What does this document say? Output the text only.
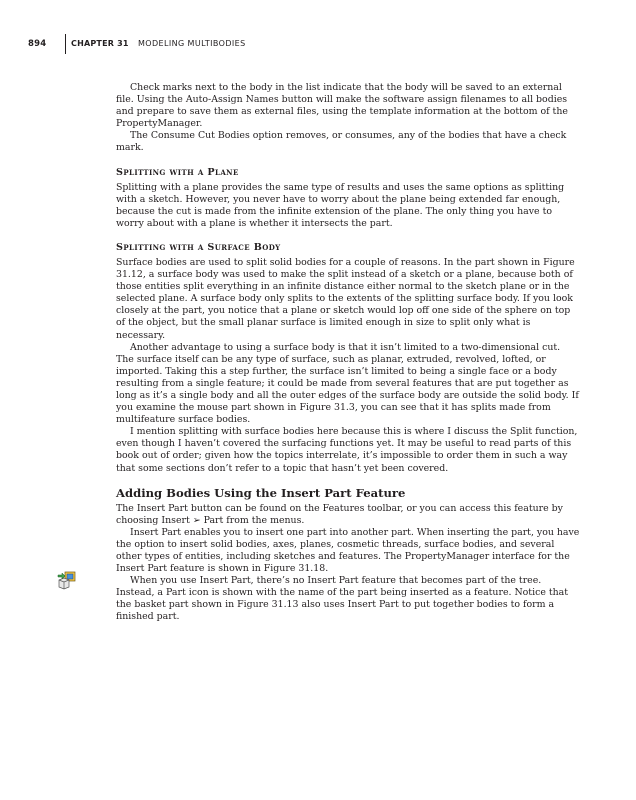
894	CHAPTER 31 MODELING MULTIBODIES

Check marks next to the body in the list indicate that the body will be saved to an external file. Using the Auto-Assign Names button will make the software assign filenames to all bodies and prepare to save them as external files, using the template information at the bottom of the PropertyManager.

The Consume Cut Bodies option removes, or consumes, any of the bodies that have a check mark.

Splitting with a Plane

Splitting with a plane provides the same type of results and uses the same options as splitting with a sketch. However, you never have to worry about the plane being extended far enough, because the cut is made from the infinite extension of the plane. The only thing you have to worry about with a plane is whether it intersects the part.

Splitting with a Surface Body

Surface bodies are used to split solid bodies for a couple of reasons. In the part shown in Figure 31.12, a surface body was used to make the split instead of a sketch or a plane, because both of those entities split everything in an infinite distance either normal to the sketch plane or in the selected plane. A surface body only splits to the extents of the splitting surface body. If you look closely at the part, you notice that a plane or sketch would lop off one side of the sphere on top of the object, but the small planar surface is limited enough in size to split only what is necessary.

Another advantage to using a surface body is that it isn’t limited to a two-dimensional cut. The surface itself can be any type of surface, such as planar, extruded, revolved, lofted, or imported. Taking this a step further, the surface isn’t limited to being a single face or a body resulting from a single feature; it could be made from several features that are put together as long as it’s a single body and all the outer edges of the surface body are outside the solid body. If you examine the mouse part shown in Figure 31.3, you can see that it has splits made from multifeature surface bodies.

I mention splitting with surface bodies here because this is where I discuss the Split function, even though I haven’t covered the surfacing functions yet. It may be useful to read parts of this book out of order; given how the topics interrelate, it’s impossible to order them in such a way that some sections don’t refer to a topic that hasn’t yet been covered.

Adding Bodies Using the Insert Part Feature

The Insert Part button can be found on the Features toolbar, or you can access this feature by choosing Insert ➢ Part from the menus.

Insert Part enables you to insert one part into another part. When inserting the part, you have the option to insert solid bodies, axes, planes, cosmetic threads, surface bodies, and several other types of entities, including sketches and features. The PropertyManager interface for the Insert Part feature is shown in Figure 31.18.

When you use Insert Part, there’s no Insert Part feature that becomes part of the tree. Instead, a Part icon is shown with the name of the part being inserted as a feature. Notice that the basket part shown in Figure 31.13 also uses Insert Part to put together bodies to form a finished part.
